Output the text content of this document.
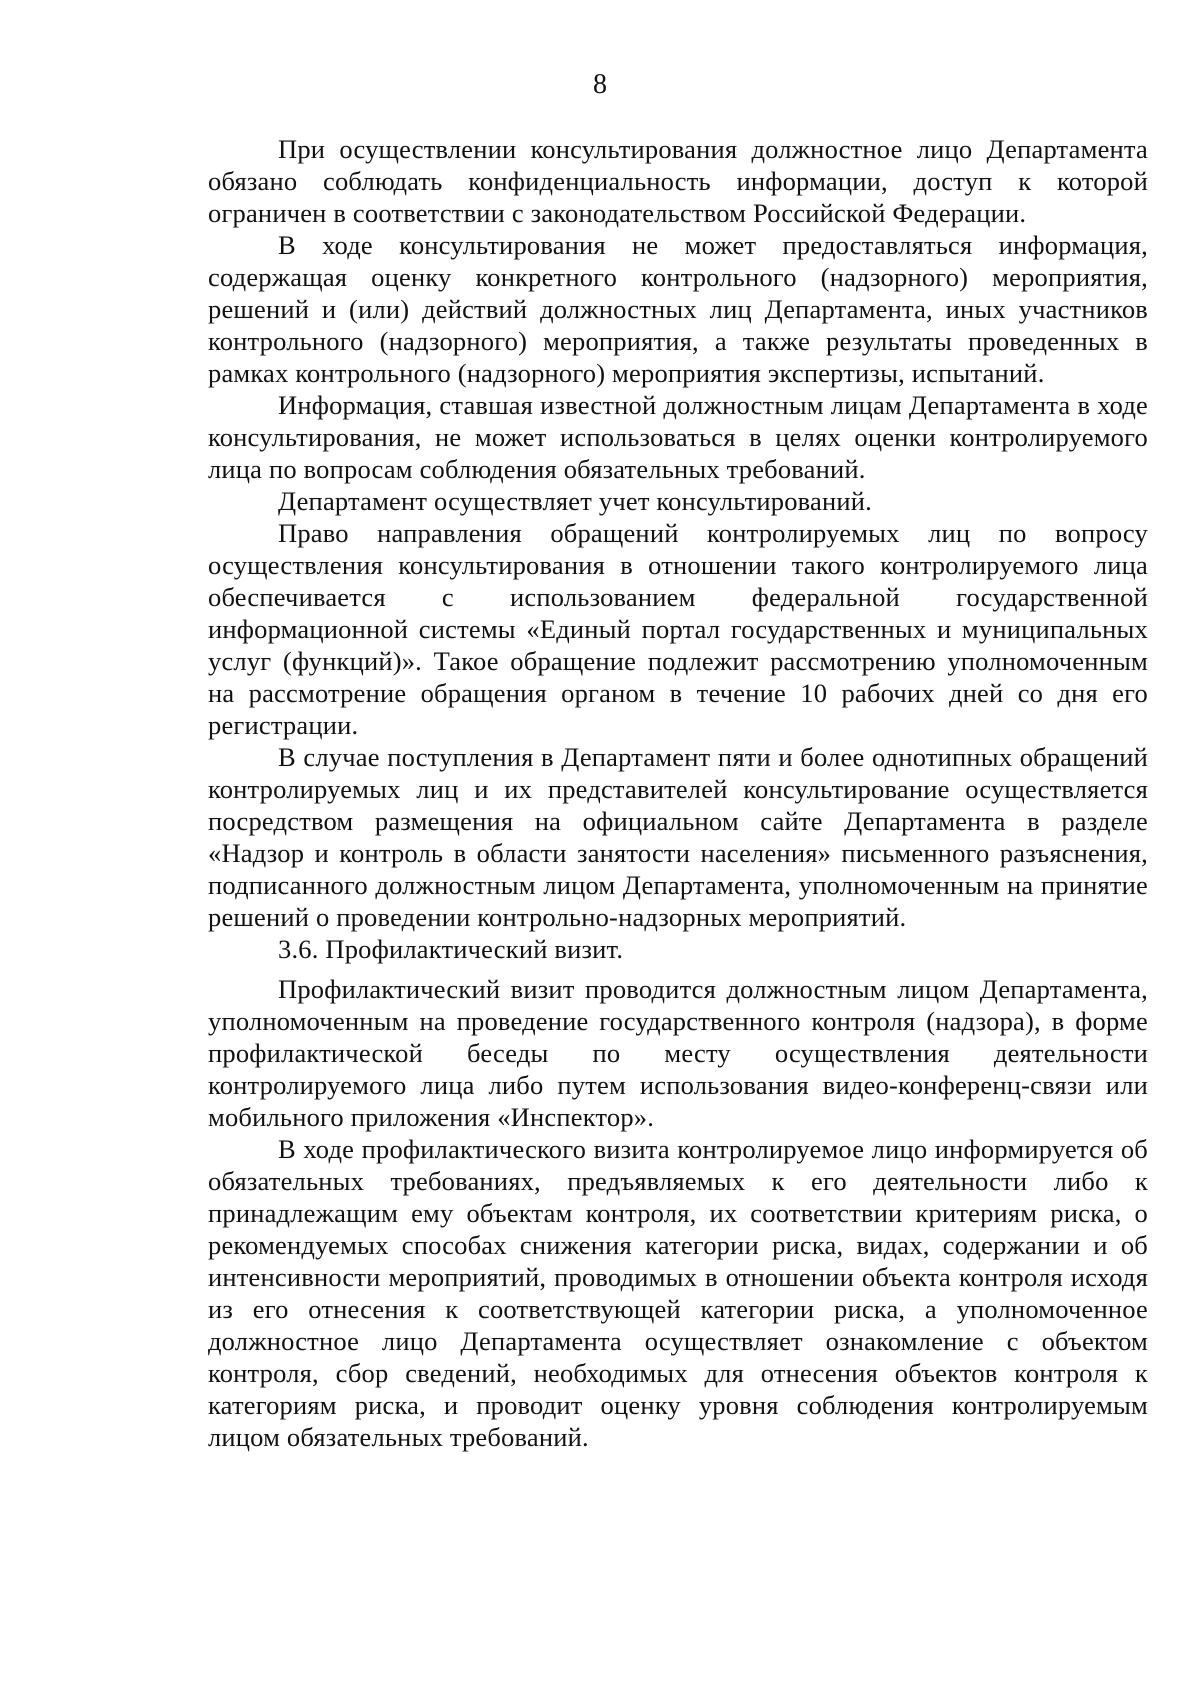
8

При осуществлении консультирования должностное лицо Департамента обязано соблюдать конфиденциальность информации, доступ к которой ограничен в соответствии с законодательством Российской Федерации.

В ходе консультирования не может предоставляться информация, содержащая оценку конкретного контрольного (надзорного) мероприятия, решений и (или) действий должностных лиц Департамента, иных участников контрольного (надзорного) мероприятия, а также результаты проведенных в рамках контрольного (надзорного) мероприятия экспертизы, испытаний.

Информация, ставшая известной должностным лицам Департамента в ходе консультирования, не может использоваться в целях оценки контролируемого лица по вопросам соблюдения обязательных требований.

Департамент осуществляет учет консультирований.

Право направления обращений контролируемых лиц по вопросу осуществления консультирования в отношении такого контролируемого лица обеспечивается с использованием федеральной государственной информационной системы «Единый портал государственных и муниципальных услуг (функций)». Такое обращение подлежит рассмотрению уполномоченным на рассмотрение обращения органом в течение 10 рабочих дней со дня его регистрации.

В случае поступления в Департамент пяти и более однотипных обращений контролируемых лиц и их представителей консультирование осуществляется посредством размещения на официальном сайте Департамента в разделе «Надзор и контроль в области занятости населения» письменного разъяснения, подписанного должностным лицом Департамента, уполномоченным на принятие решений о проведении контрольно-надзорных мероприятий.

3.6. Профилактический визит.

Профилактический визит проводится должностным лицом Департамента, уполномоченным на проведение государственного контроля (надзора), в форме профилактической беседы по месту осуществления деятельности контролируемого лица либо путем использования видео-конференц-связи или мобильного приложения «Инспектор».

В ходе профилактического визита контролируемое лицо информируется об обязательных требованиях, предъявляемых к его деятельности либо к принадлежащим ему объектам контроля, их соответствии критериям риска, о рекомендуемых способах снижения категории риска, видах, содержании и об интенсивности мероприятий, проводимых в отношении объекта контроля исходя из его отнесения к соответствующей категории риска, а уполномоченное должностное лицо Департамента осуществляет ознакомление с объектом контроля, сбор сведений, необходимых для отнесения объектов контроля к категориям риска, и проводит оценку уровня соблюдения контролируемым лицом обязательных требований.
